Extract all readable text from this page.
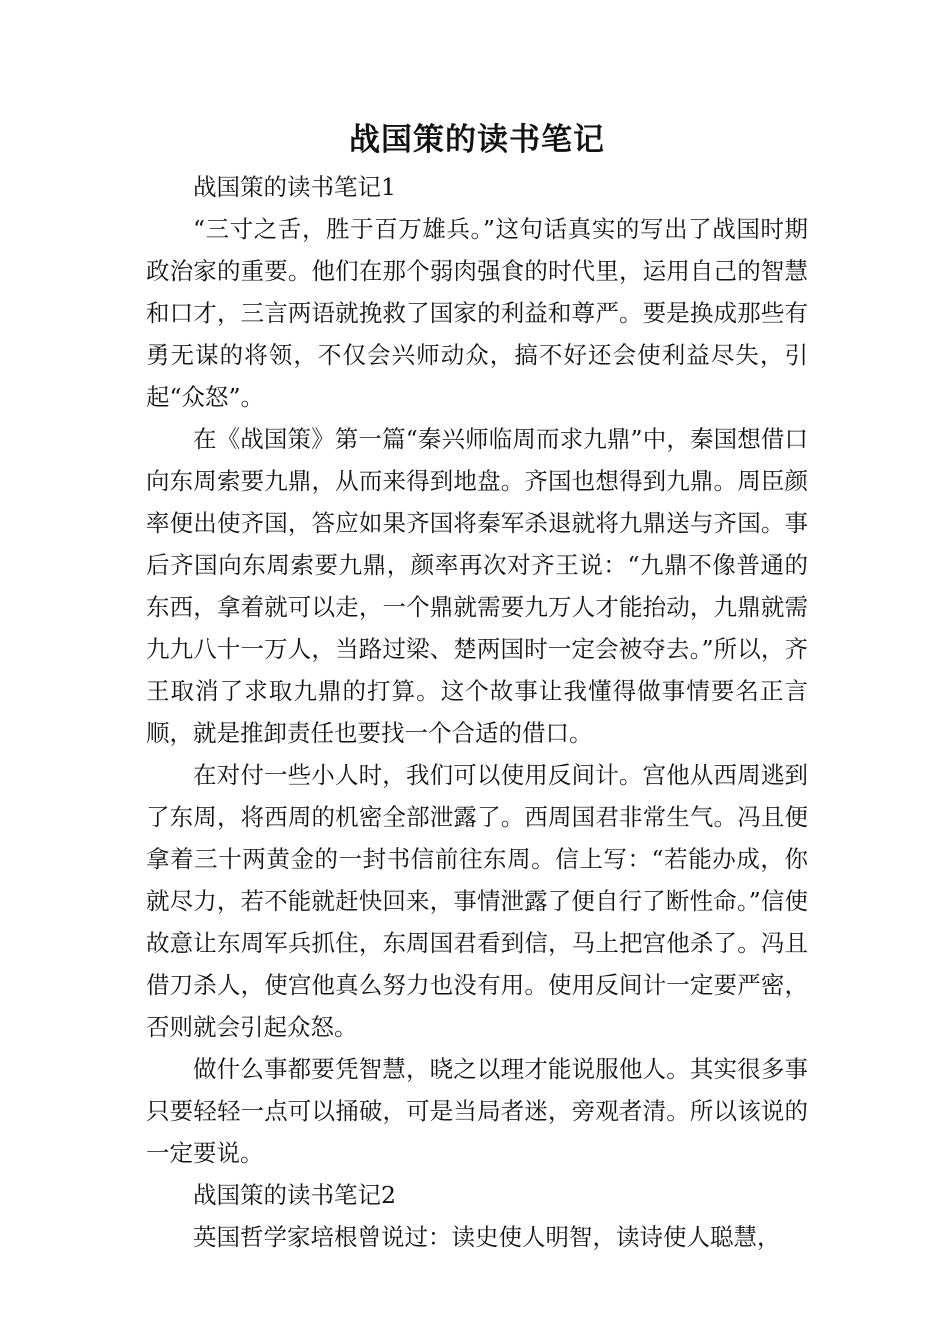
战国策的读书笔记

战国策的读书笔记1

“三寸之舌，胜于百万雄兵。”这句话真实的写出了战国时期政治家的重要。他们在那个弱肉强食的时代里，运用自己的智慧和口才，三言两语就挽救了国家的利益和尊严。要是换成那些有勇无谋的将领，不仅会兴师动众，搞不好还会使利益尽失，引起“众怒”。

在《战国策》第一篇“秦兴师临周而求九鼎”中，秦国想借口向东周索要九鼎，从而来得到地盘。齐国也想得到九鼎。周臣颜率便出使齐国，答应如果齐国将秦军杀退就将九鼎送与齐国。事后齐国向东周索要九鼎，颜率再次对齐王说：“九鼎不像普通的东西，拿着就可以走，一个鼎就需要九万人才能抬动，九鼎就需九九八十一万人，当路过梁、楚两国时一定会被夺去。”所以，齐王取消了求取九鼎的打算。这个故事让我懂得做事情要名正言顺，就是推卸责任也要找一个合适的借口。

在对付一些小人时，我们可以使用反间计。宫他从西周逃到了东周，将西周的机密全部泄露了。西周国君非常生气。冯且便拿着三十两黄金的一封书信前往东周。信上写：“若能办成，你就尽力，若不能就赶快回来，事情泄露了便自行了断性命。”信使故意让东周军兵抓住，东周国君看到信，马上把宫他杀了。冯且借刀杀人，使宫他真么努力也没有用。使用反间计一定要严密，否则就会引起众怒。

做什么事都要凭智慧，晓之以理才能说服他人。其实很多事只要轻轻一点可以捅破，可是当局者迷，旁观者清。所以该说的一定要说。

战国策的读书笔记2

英国哲学家培根曾说过：读史使人明智，读诗使人聪慧，
